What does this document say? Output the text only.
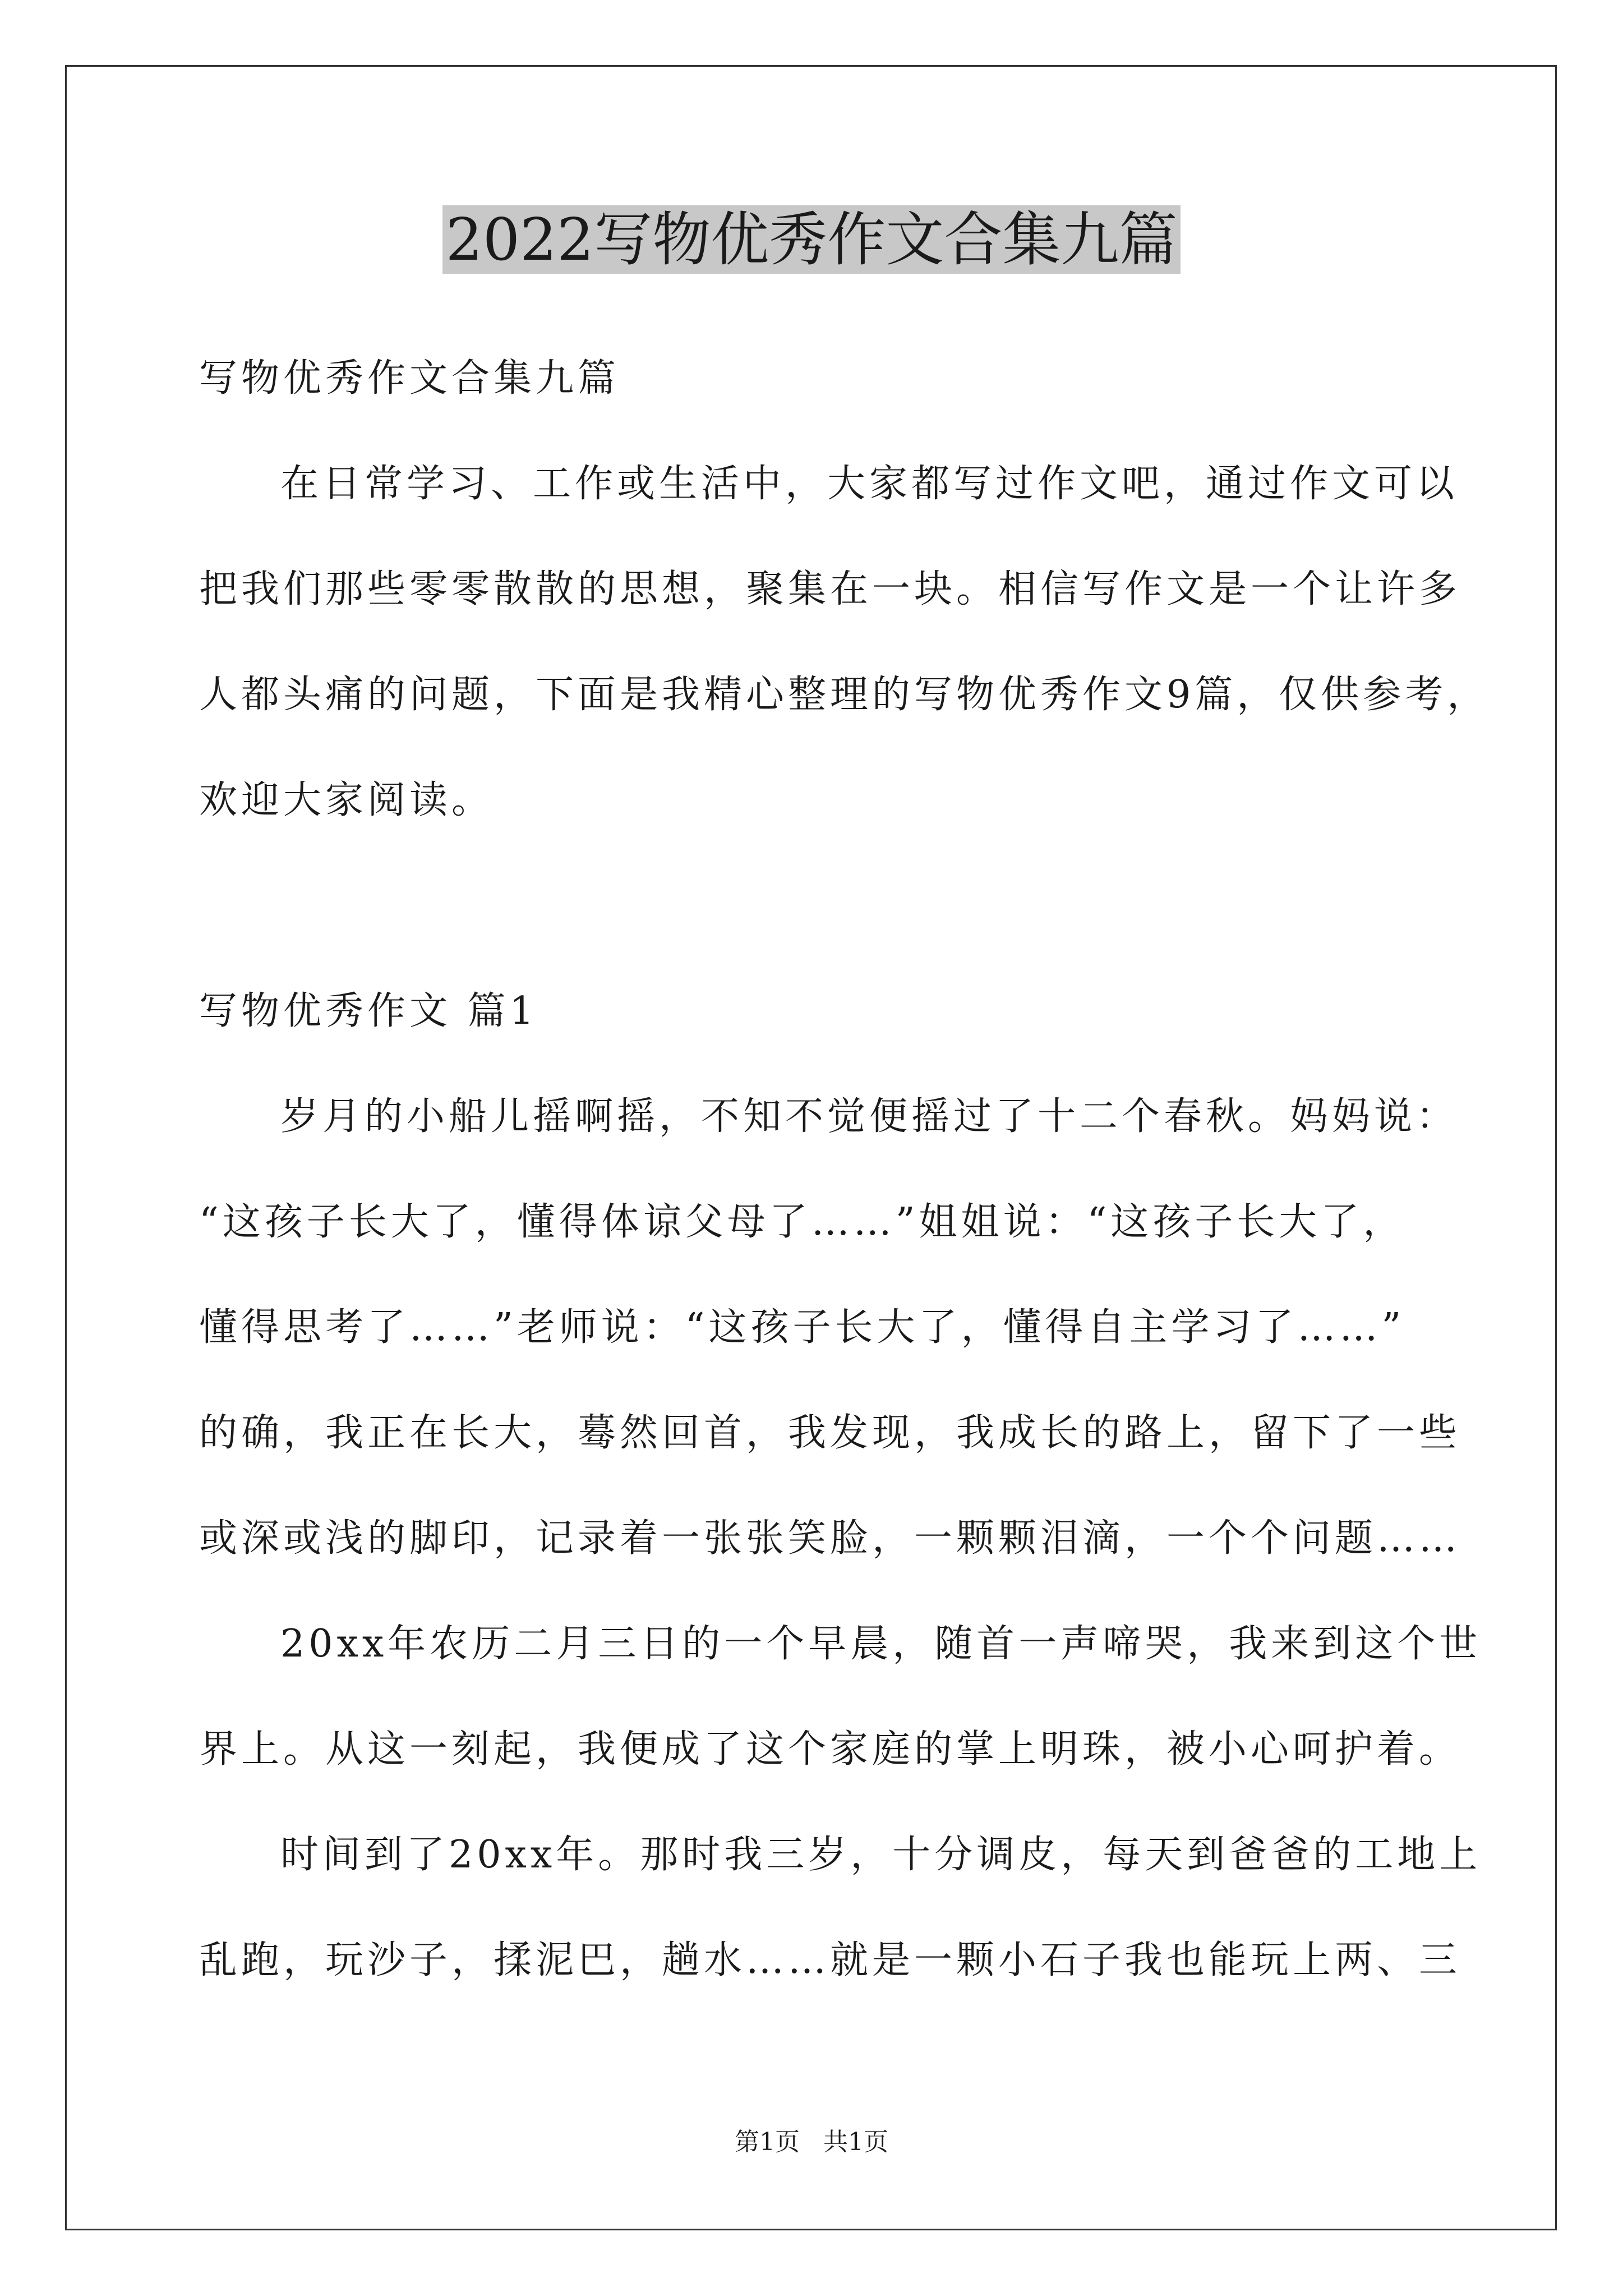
2022写物优秀作文合集九篇

写物优秀作文合集九篇

在日常学习、工作或生活中，大家都写过作文吧，通过作文可以

把我们那些零零散散的思想，聚集在一块。相信写作文是一个让许多

人都头痛的问题，下面是我精心整理的写物优秀作文9篇，仅供参考，

欢迎大家阅读。

写物优秀作文 篇1

岁月的小船儿摇啊摇，不知不觉便摇过了十二个春秋。妈妈说：

“这孩子长大了，懂得体谅父母了……”姐姐说：“这孩子长大了，

懂得思考了……”老师说：“这孩子长大了，懂得自主学习了……”

的确，我正在长大，蓦然回首，我发现，我成长的路上，留下了一些

或深或浅的脚印，记录着一张张笑脸，一颗颗泪滴，一个个问题……

20xx年农历二月三日的一个早晨，随首一声啼哭，我来到这个世

界上。从这一刻起，我便成了这个家庭的掌上明珠，被小心呵护着。

时间到了20xx年。那时我三岁，十分调皮，每天到爸爸的工地上

乱跑，玩沙子，揉泥巴，趟水……就是一颗小石子我也能玩上两、三

第1页   共1页
